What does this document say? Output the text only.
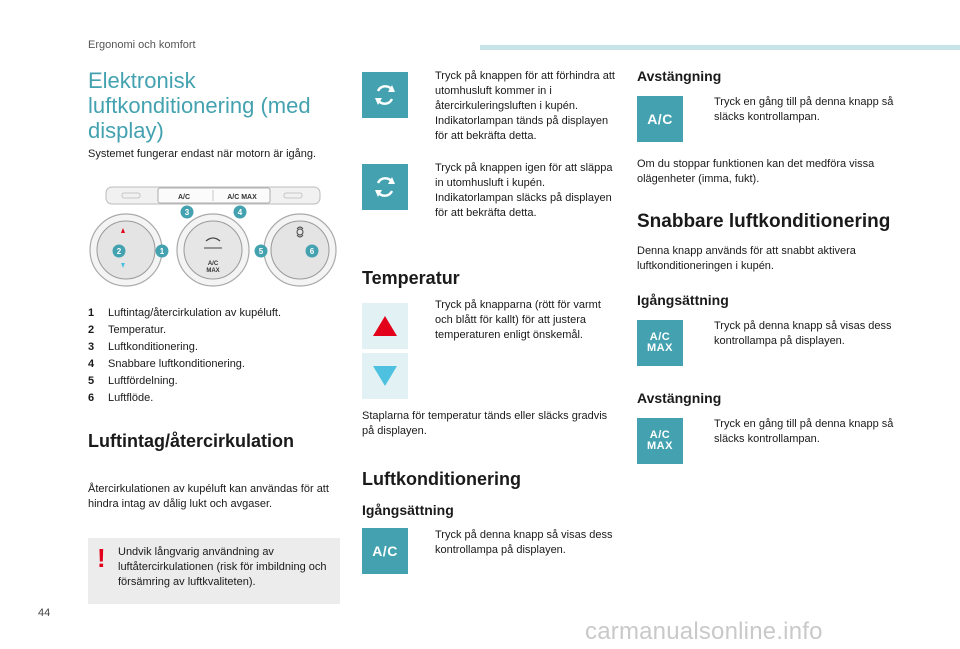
Ergonomi och komfort
44
carmanualsonline.info
Elektronisk luftkonditionering (med display)
Systemet fungerar endast när motorn är igång.
A/C	A/C MAX
A/C
MAX
3	4
2	1	5	6
1	Luftintag/återcirkulation av kupéluft.
2	Temperatur.
3	Luftkonditionering.
4	Snabbare luftkonditionering.
5	Luftfördelning.
6	Luftflöde.
Luftintag/återcirkulation
Återcirkulationen av kupéluft kan användas för att hindra intag av dålig lukt och avgaser.
! Undvik långvarig användning av luftåtercirkulationen (risk för imbildning och försämring av luftkvaliteten).
Tryck på knappen för att förhindra att utomhusluft kommer in i återcirkuleringsluften i kupén. Indikatorlampan tänds på displayen för att bekräfta detta.
Tryck på knappen igen för att släppa in utomhusluft i kupén. Indikatorlampan släcks på displayen för att bekräfta detta.
Temperatur
Tryck på knapparna (rött för varmt och blått för kallt) för att justera temperaturen enligt önskemål.
Staplarna för temperatur tänds eller släcks gradvis på displayen.
Luftkonditionering
Igångsättning
A/C
Tryck på denna knapp så visas dess kontrollampa på displayen.
Avstängning
A/C
Tryck en gång till på denna knapp så släcks kontrollampan.
Om du stoppar funktionen kan det medföra vissa olägenheter (imma, fukt).
Snabbare luftkonditionering
Denna knapp används för att snabbt aktivera luftkonditioneringen i kupén.
Igångsättning
A/C
MAX
Tryck på denna knapp så visas dess kontrollampa på displayen.
Avstängning
A/C
MAX
Tryck en gång till på denna knapp så släcks kontrollampan.
